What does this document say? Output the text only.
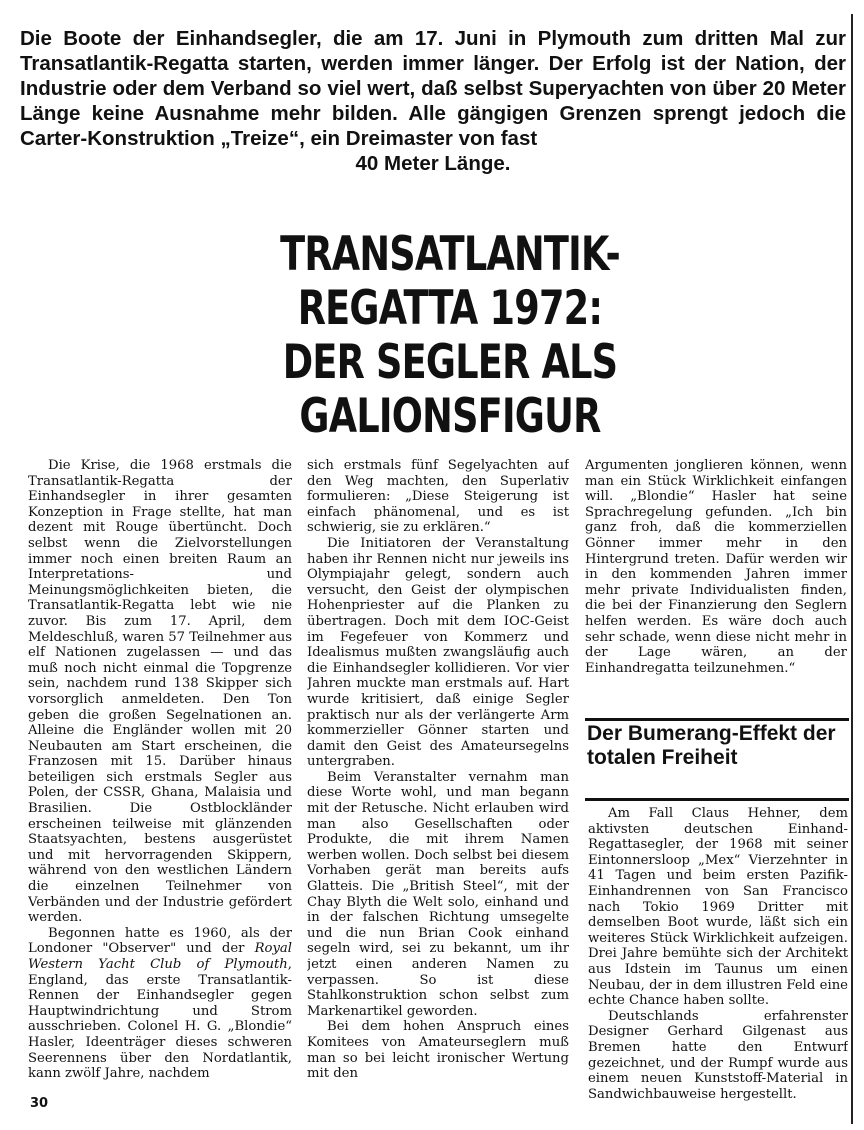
Die Boote der Einhandsegler, die am 17. Juni in Plymouth zum dritten Mal zur Transatlantik-Regatta starten, werden immer länger. Der Erfolg ist der Nation, der Industrie oder dem Verband so viel wert, daß selbst Superyachten von über 20 Meter Länge keine Ausnahme mehr bilden. Alle gängigen Grenzen sprengt jedoch die Carter-Konstruktion „Treize“, ein Dreimaster von fast
40 Meter Länge.

TRANSATLANTIK-
REGATTA 1972:
DER SEGLER ALS
GALIONSFIGUR

Die Krise, die 1968 erstmals die Transatlantik-Regatta der Einhandsegler in ihrer gesamten Konzeption in Frage stellte, hat man dezent mit Rouge übertüncht. Doch selbst wenn die Zielvorstellungen immer noch einen breiten Raum an Interpretations- und Meinungsmöglichkeiten bieten, die Transatlantik-Regatta lebt wie nie zuvor. Bis zum 17. April, dem Meldeschluß, waren 57 Teilnehmer aus elf Nationen zugelassen — und das muß noch nicht einmal die Topgrenze sein, nachdem rund 138 Skipper sich vorsorglich anmeldeten. Den Ton geben die großen Segelnationen an. Alleine die Engländer wollen mit 20 Neubauten am Start erscheinen, die Franzosen mit 15. Darüber hinaus beteiligen sich erstmals Segler aus Polen, der CSSR, Ghana, Malaisia und Brasilien. Die Ostblockländer erscheinen teilweise mit glänzenden Staatsyachten, bestens ausgerüstet und mit hervorragenden Skippern, während von den westlichen Ländern die einzelnen Teilnehmer von Verbänden und der Industrie gefördert werden.

Begonnen hatte es 1960, als der Londoner "Observer" und der Royal Western Yacht Club of Plymouth, England, das erste Transatlantik-Rennen der Einhandsegler gegen Hauptwindrichtung und Strom ausschrieben. Colonel H. G. „Blondie“ Hasler, Ideenträger dieses schweren Seerennens über den Nordatlantik, kann zwölf Jahre, nachdem

sich erstmals fünf Segelyachten auf den Weg machten, den Superlativ formulieren: „Diese Steigerung ist einfach phänomenal, und es ist schwierig, sie zu erklären.“

Die Initiatoren der Veranstaltung haben ihr Rennen nicht nur jeweils ins Olympiajahr gelegt, sondern auch versucht, den Geist der olympischen Hohenpriester auf die Planken zu übertragen. Doch mit dem IOC-Geist im Fegefeuer von Kommerz und Idealismus mußten zwangsläufig auch die Einhandsegler kollidieren. Vor vier Jahren muckte man erstmals auf. Hart wurde kritisiert, daß einige Segler praktisch nur als der verlängerte Arm kommerzieller Gönner starten und damit den Geist des Amateursegelns untergraben.

Beim Veranstalter vernahm man diese Worte wohl, und man begann mit der Retusche. Nicht erlauben wird man also Gesellschaften oder Produkte, die mit ihrem Namen werben wollen. Doch selbst bei diesem Vorhaben gerät man bereits aufs Glatteis. Die „British Steel“, mit der Chay Blyth die Welt solo, einhand und in der falschen Richtung umsegelte und die nun Brian Cook einhand segeln wird, sei zu bekannt, um ihr jetzt einen anderen Namen zu verpassen. So ist diese Stahlkonstruktion schon selbst zum Markenartikel geworden.

Bei dem hohen Anspruch eines Komitees von Amateurseglern muß man so bei leicht ironischer Wertung mit den

Argumenten jonglieren können, wenn man ein Stück Wirklichkeit einfangen will. „Blondie“ Hasler hat seine Sprachregelung gefunden. „Ich bin ganz froh, daß die kommerziellen Gönner immer mehr in den Hintergrund treten. Dafür werden wir in den kommenden Jahren immer mehr private Individualisten finden, die bei der Finanzierung den Seglern helfen werden. Es wäre doch auch sehr schade, wenn diese nicht mehr in der Lage wären, an der Einhandregatta teilzunehmen.“

Der Bumerang-Effekt der totalen Freiheit

Am Fall Claus Hehner, dem aktivsten deutschen Einhand-Regattasegler, der 1968 mit seiner Eintonnersloop „Mex“ Vierzehnter in 41 Tagen und beim ersten Pazifik-Einhandrennen von San Francisco nach Tokio 1969 Dritter mit demselben Boot wurde, läßt sich ein weiteres Stück Wirklichkeit aufzeigen. Drei Jahre bemühte sich der Architekt aus Idstein im Taunus um einen Neubau, der in dem illustren Feld eine echte Chance haben sollte.

Deutschlands erfahrenster Designer Gerhard Gilgenast aus Bremen hatte den Entwurf gezeichnet, und der Rumpf wurde aus einem neuen Kunststoff-Material in Sandwichbauweise hergestellt.

30
